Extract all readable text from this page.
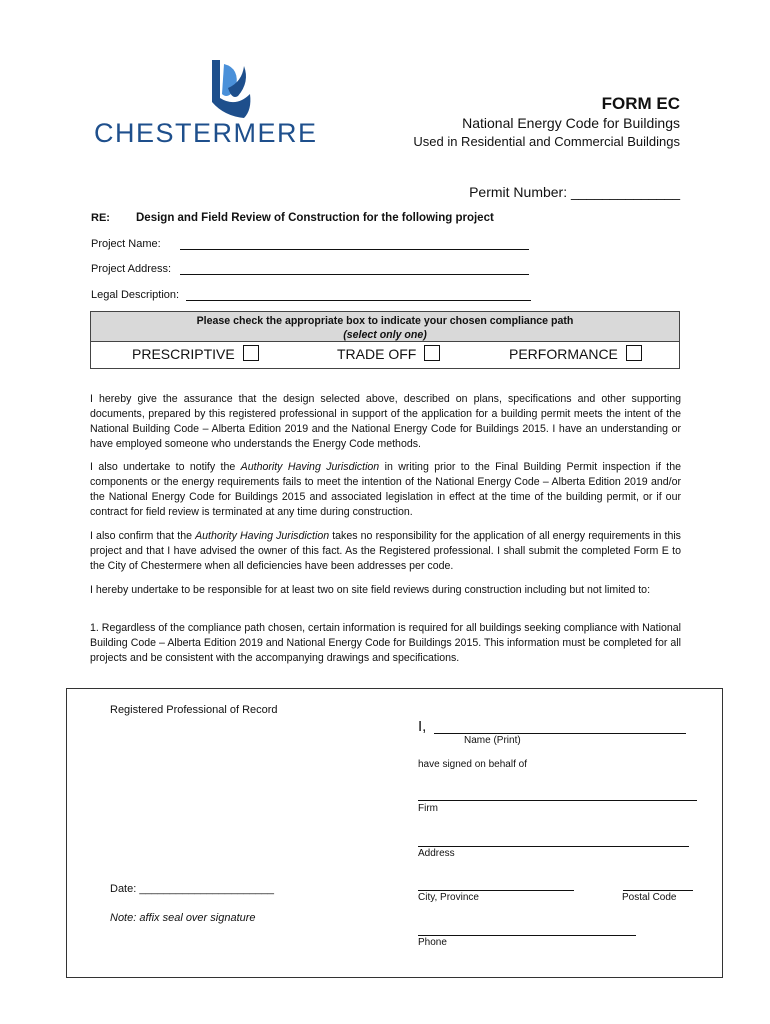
CHESTERMERE
FORM EC
National Energy Code for Buildings
Used in Residential and Commercial Buildings
Permit Number: ______________
RE: Design and Field Review of Construction for the following project
Project Name:
Project Address:
Legal Description:
Please check the appropriate box to indicate your chosen compliance path
(select only one)
PRESCRIPTIVE	TRADE OFF	PERFORMANCE
I hereby give the assurance that the design selected above, described on plans, specifications and other supporting documents, prepared by this registered professional in support of the application for a building permit meets the intent of the National Building Code – Alberta Edition 2019 and the National Energy Code for Buildings 2015. I have an understanding or have employed someone who understands the Energy Code methods.
I also undertake to notify the Authority Having Jurisdiction in writing prior to the Final Building Permit inspection if the components or the energy requirements fails to meet the intention of the National Energy Code – Alberta Edition 2019 and/or the National Energy Code for Buildings 2015 and associated legislation in effect at the time of the building permit, or if our contract for field review is terminated at any time during construction.
I also confirm that the Authority Having Jurisdiction takes no responsibility for the application of all energy requirements in this project and that I have advised the owner of this fact. As the Registered professional. I shall submit the completed Form E to the City of Chestermere when all deficiencies have been addresses per code.
I hereby undertake to be responsible for at least two on site field reviews during construction including but not limited to:
1. Regardless of the compliance path chosen, certain information is required for all buildings seeking compliance with National Building Code – Alberta Edition 2019 and National Energy Code for Buildings 2015. This information must be completed for all projects and be consistent with the accompanying drawings and specifications.
Registered Professional of Record
I,
Name (Print)
have signed on behalf of
Firm
Address
Date: ______________________
Note: affix seal over signature
City, Province	Postal Code
Phone
